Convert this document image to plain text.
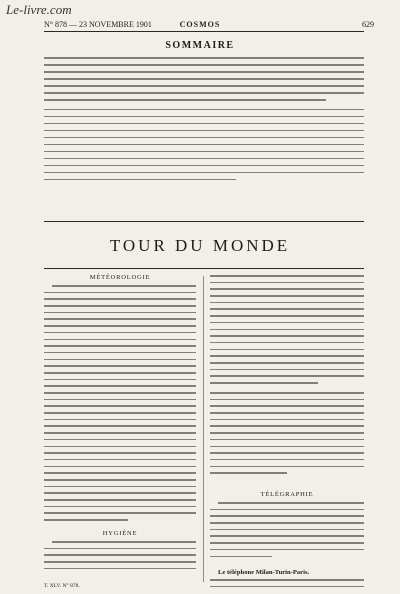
Le-livre.com
N° 878 — 23 NOVEMBRE 1901	COSMOS	629
SOMMAIRE
TOUR DU MONDE
MÉTÉOROLOGIE
HYGIÈNE
T. XLV. N° 878.
TÉLÉGRAPHIE
Le téléphone Milan-Turin-Paris.
